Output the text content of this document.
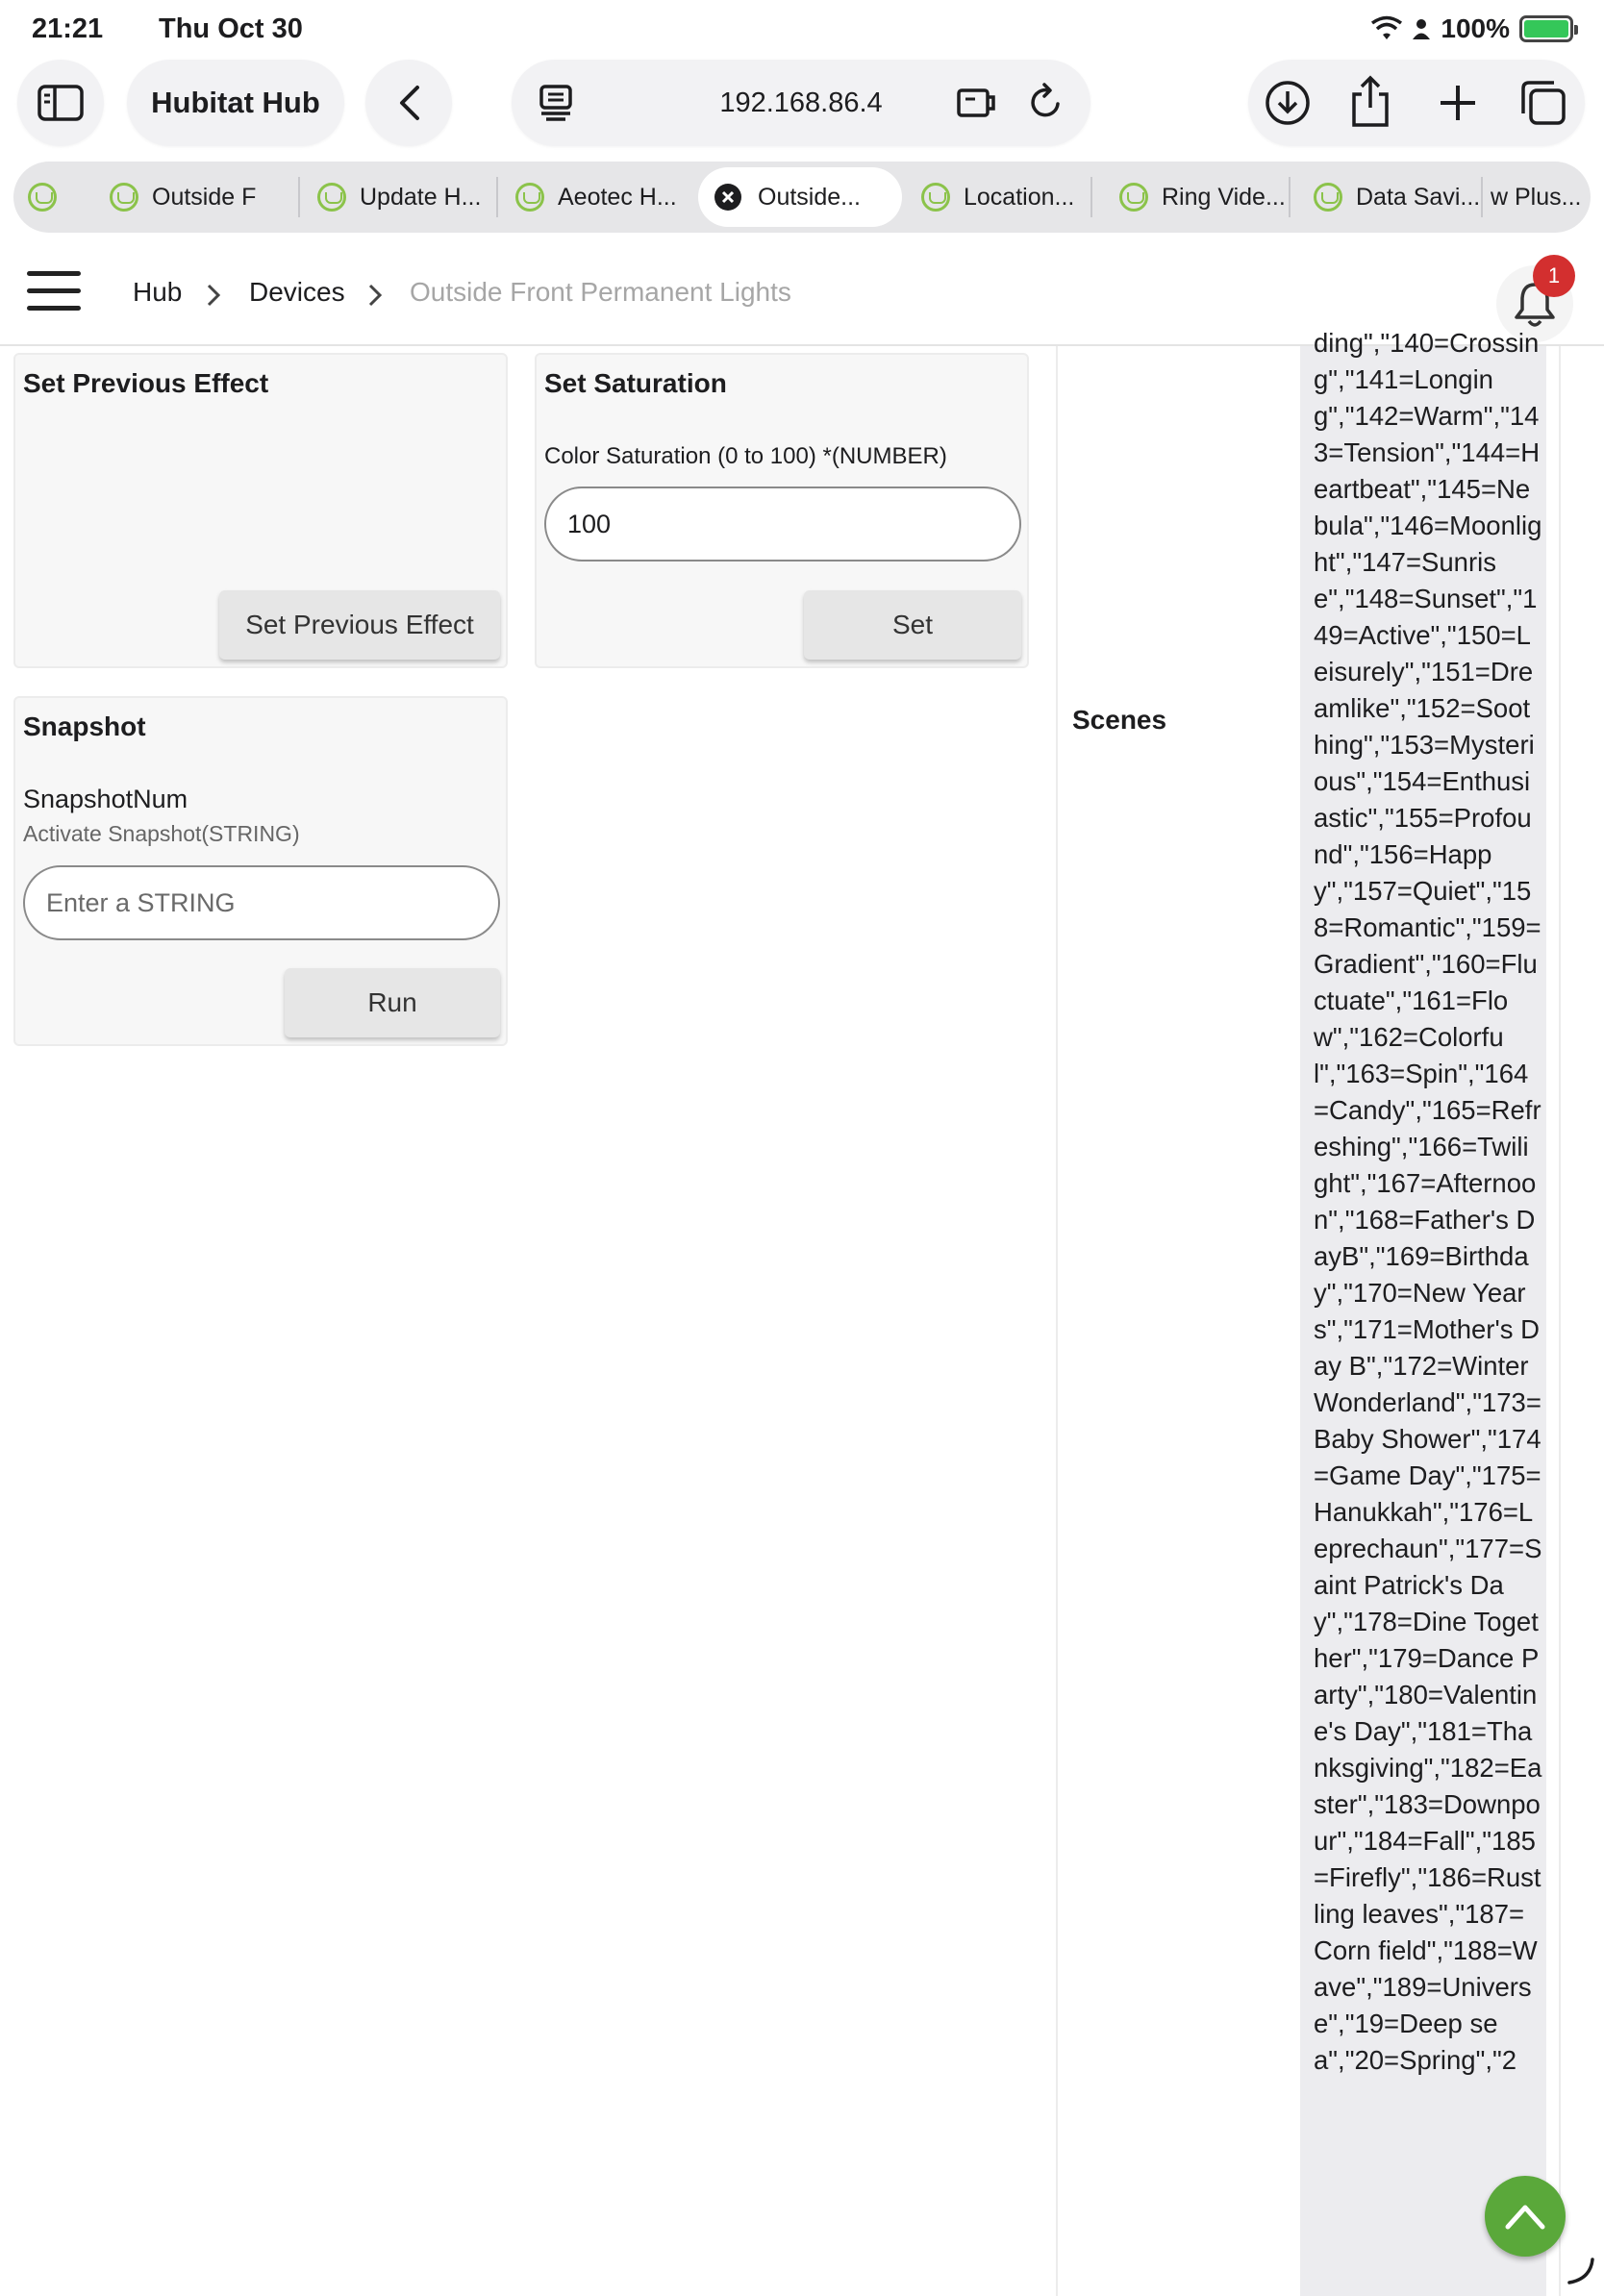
21:21 Thu Oct 30	100%
Hubitat Hub	192.168.86.4
Outside F	Update H...	Aeotec H...	Outside...	Location...	Ring Vide...	Data Savi... w Plus...
Hub Devices Outside Front Permanent Lights
1
Set Previous Effect
Set Previous Effect
Set Saturation
Color Saturation (0 to 100) *(NUMBER)
100
Set
Snapshot
SnapshotNum
Activate Snapshot(STRING)
Enter a STRING
Run
Scenes
ding","140=Crossing","141=Longing","142=Warm","143=Tension","144=Heartbeat","145=Nebula","146=Moonlight","147=Sunrise","148=Sunset","149=Active","150=Leisurely","151=Dreamlike","152=Soothing","153=Mysterious","154=Enthusiastic","155=Profound","156=Happy","157=Quiet","158=Romantic","159=Gradient","160=Fluctuate","161=Flow","162=Colorful","163=Spin","164=Candy","165=Refreshing","166=Twilight","167=Afternoon","168=Father's DayB","169=Birthday","170=New Years","171=Mother's Day B","172=Winter Wonderland","173=Baby Shower","174=Game Day","175=Hanukkah","176=Leprechaun","177=Saint Patrick's Day","178=Dine Together","179=Dance Party","180=Valentine's Day","181=Thanksgiving","182=Easter","183=Downpour","184=Fall","185=Firefly","186=Rustling leaves","187=Corn field","188=Wave","189=Universe","19=Deep sea","20=Spring","2
